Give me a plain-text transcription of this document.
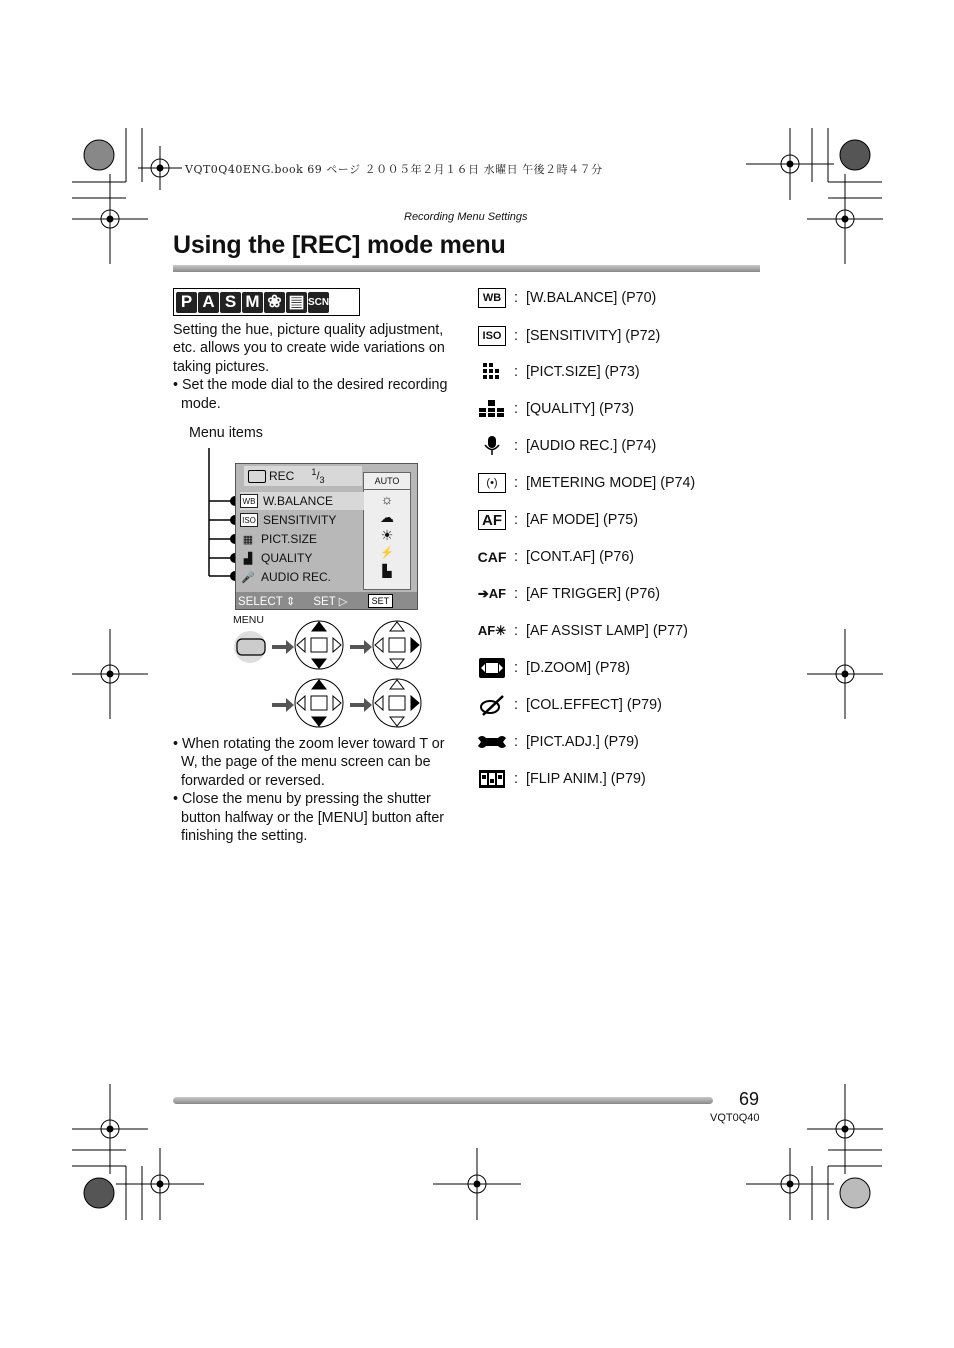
VQT0Q40ENG.book 69 ページ ２００５年２月１６日 水曜日 午後２時４７分
Recording Menu Settings
Using the [REC] mode menu
P A S M ❀ ▤ SCN

Setting the hue, picture quality adjustment, etc. allows you to create wide variations on taking pictures.

• Set the mode dial to the desired recording mode.

Menu items
REC $^1/_3$	AUTO
☼
☁
☀
⚡
▙
WB W.BALANCE
ISO SENSITIVITY
▦ PICT.SIZE
▟ QUALITY
🎤 AUDIO REC.
SELECT ⇕ SET ▷	SET
MENU

• When rotating the zoom lever toward T or W, the page of the menu screen can be forwarded or reversed.

• Close the menu by pressing the shutter button halfway or the [MENU] button after finishing the setting.

WB : [W.BALANCE] (P70)
ISO : [SENSITIVITY] (P72)
: [PICT.SIZE] (P73)
: [QUALITY] (P73)
: [AUDIO REC.] (P74)
(•)	: [METERING MODE] (P74)
AF : [AF MODE] (P75)
CAF : [CONT.AF] (P76)
➔AF : [AF TRIGGER] (P76)
AF✳ : [AF ASSIST LAMP] (P77)
: [D.ZOOM] (P78)
: [COL.EFFECT] (P79)
: [PICT.ADJ.] (P79)
: [FLIP ANIM.] (P79)
69
VQT0Q40
